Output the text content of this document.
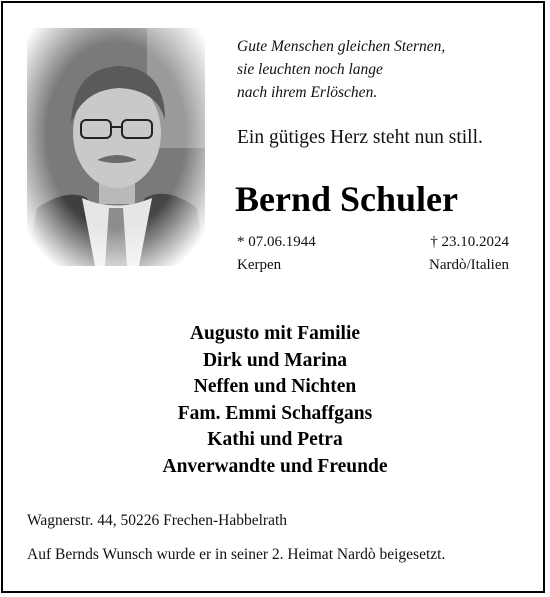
Gute Menschen gleichen Sternen,
sie leuchten noch lange
nach ihrem Erlöschen.
Ein gütiges Herz steht nun still.
Bernd Schuler
* 07.06.1944	† 23.10.2024
Kerpen	Nardò/Italien
Augusto mit Familie
Dirk und Marina
Neffen und Nichten
Fam. Emmi Schaffgans
Kathi und Petra
Anverwandte und Freunde
Wagnerstr. 44, 50226 Frechen-Habbelrath
Auf Bernds Wunsch wurde er in seiner 2. Heimat Nardò beigesetzt.
